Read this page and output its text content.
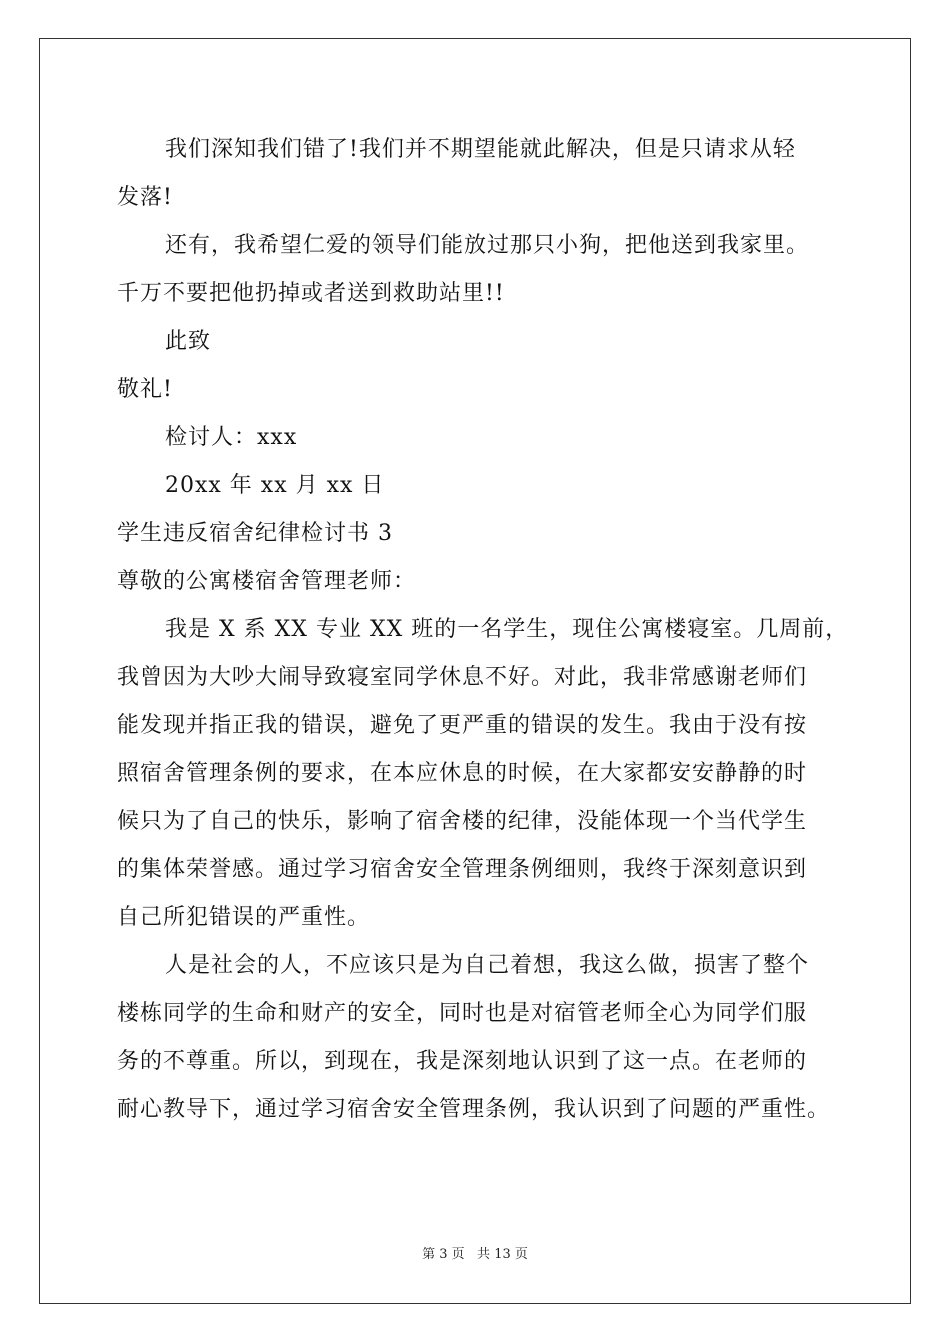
我们深知我们错了!我们并不期望能就此解决，但是只请求从轻
发落!
还有，我希望仁爱的领导们能放过那只小狗，把他送到我家里。
千万不要把他扔掉或者送到救助站里!!
此致
敬礼!
检讨人：xxx
20xx 年 xx 月 xx 日
学生违反宿舍纪律检讨书 3
尊敬的公寓楼宿舍管理老师：
我是 X 系 XX 专业 XX 班的一名学生，现住公寓楼寝室。几周前，
我曾因为大吵大闹导致寝室同学休息不好。对此，我非常感谢老师们
能发现并指正我的错误，避免了更严重的错误的发生。我由于没有按
照宿舍管理条例的要求，在本应休息的时候，在大家都安安静静的时
候只为了自己的快乐，影响了宿舍楼的纪律，没能体现一个当代学生
的集体荣誉感。通过学习宿舍安全管理条例细则，我终于深刻意识到
自己所犯错误的严重性。
人是社会的人，不应该只是为自己着想，我这么做，损害了整个
楼栋同学的生命和财产的安全，同时也是对宿管老师全心为同学们服
务的不尊重。所以，到现在，我是深刻地认识到了这一点。在老师的
耐心教导下，通过学习宿舍安全管理条例，我认识到了问题的严重性。
第 3 页   共 13 页
